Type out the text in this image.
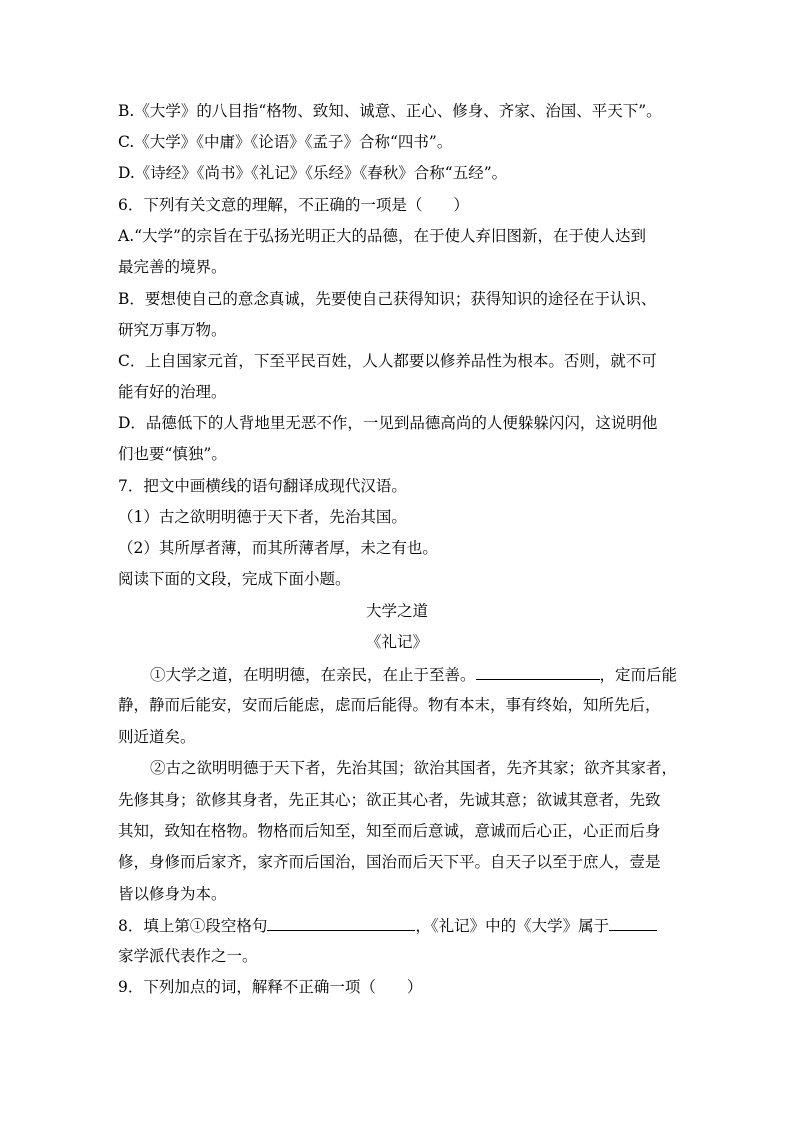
B.《大学》的八目指“格物、致知、诚意、正心、修身、齐家、治国、平天下”。
C.《大学》《中庸》《论语》《孟子》合称“四书”。
D.《诗经》《尚书》《礼记》《乐经》《春秋》合称“五经”。
6．下列有关文意的理解，不正确的一项是（　　）
A.“大学”的宗旨在于弘扬光明正大的品德，在于使人弃旧图新，在于使人达到
最完善的境界。
B．要想使自己的意念真诚，先要使自己获得知识；获得知识的途径在于认识、
研究万事万物。
C．上自国家元首，下至平民百姓，人人都要以修养品性为根本。否则，就不可
能有好的治理。
D．品德低下的人背地里无恶不作，一见到品德高尚的人便躲躲闪闪，这说明他
们也要“慎独”。
7．把文中画横线的语句翻译成现代汉语。
（1）古之欲明明德于天下者，先治其国。
（2）其所厚者薄，而其所薄者厚，未之有也。
阅读下面的文段，完成下面小题。
大学之道
《礼记》
①大学之道，在明明德，在亲民，在止于至善。	，定而后能
静，静而后能安，安而后能虑，虑而后能得。物有本末，事有终始，知所先后，
则近道矣。
②古之欲明明德于天下者，先治其国；欲治其国者，先齐其家；欲齐其家者，
先修其身；欲修其身者，先正其心；欲正其心者，先诚其意；欲诚其意者，先致
其知，致知在格物。物格而后知至，知至而后意诚，意诚而后心正，心正而后身
修，身修而后家齐，家齐而后国治，国治而后天下平。自天子以至于庶人，壹是
皆以修身为本。
8．填上第①段空格句	，《礼记》中的《大学》属于
家学派代表作之一。
9．下列加点的词，解释不正确一项（　　）
